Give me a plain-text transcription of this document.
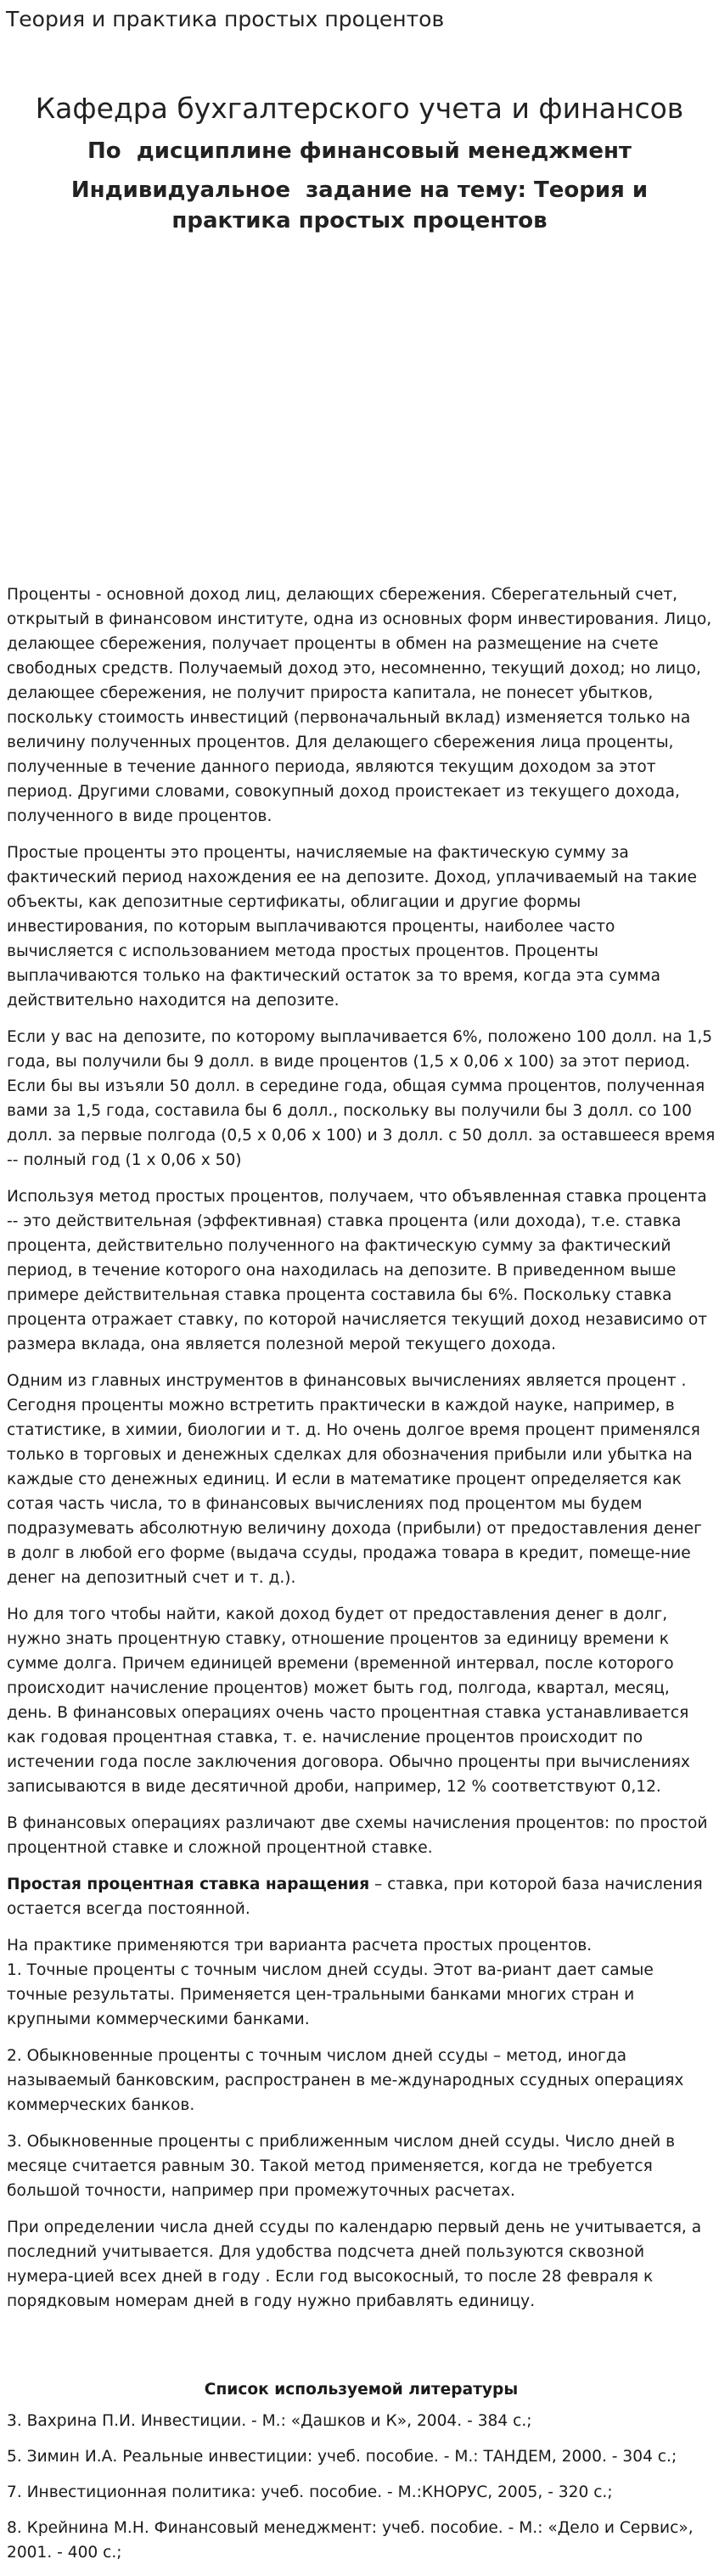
Теория и практика простых процентов
Кафедра бухгалтерского учета и финансов
По  дисциплине финансовый менеджмент
Индивидуальное  задание на тему: Теория и практика простых процентов

Проценты - основной доход лиц, делающих сбережения. Сберегательный счет, открытый в финансовом институте, одна из основных форм инвестирования. Лицо, делающее сбережения, получает проценты в обмен на размещение на счете свободных средств. Получаемый доход это, несомненно, текущий доход; но лицо, делающее сбережения, не получит прироста капитала, не понесет убытков, поскольку стоимость инвестиций (первоначальный вклад) изменяется только на величину полученных процентов. Для делающего сбережения лица проценты, полученные в течение данного периода, являются текущим доходом за этот период. Другими словами, совокупный доход проистекает из текущего дохода, полученного в виде процентов.

Простые проценты это проценты, начисляемые на фактическую сумму за фактический период нахождения ее на депозите. Доход, уплачиваемый на такие объекты, как депозитные сертификаты, облигации и другие формы инвестирования, по которым выплачиваются проценты, наиболее часто вычисляется с использованием метода простых процентов. Проценты выплачиваются только на фактический остаток за то время, когда эта сумма действительно находится на депозите.

Если у вас на депозите, по которому выплачивается 6%, положено 100 долл. на 1,5 года, вы получили бы 9 долл. в виде процентов (1,5 х 0,06 х 100) за этот период. Если бы вы изъяли 50 долл. в середине года, общая сумма процентов, полученная вами за 1,5 года, составила бы 6 долл., поскольку вы получили бы 3 долл. со 100 долл. за первые полгода (0,5 х 0,06 х 100) и 3 долл. с 50 долл. за оставшееся время -- полный год (1 х 0,06 х 50)

Используя метод простых процентов, получаем, что объявленная ставка процента -- это действительная (эффективная) ставка процента (или дохода), т.е. ставка процента, действительно полученного на фактическую сумму за фактический период, в течение которого она находилась на депозите. В приведенном выше примере действительная ставка процента составила бы 6%. Поскольку ставка процента отражает ставку, по которой начисляется текущий доход независимо от размера вклада, она является полезной мерой текущего дохода.

Одним из главных инструментов в финансовых вычислениях является процент . Сегодня проценты можно встретить практически в каждой науке, например, в статистике, в химии, биологии и т. д. Но очень долгое время процент применялся только в торговых и денежных сделках для обозначения прибыли или убытка на каждые сто денежных единиц. И если в математике процент определяется как сотая часть числа, то в финансовых вычислениях под процентом мы будем подразумевать абсолютную величину дохода (прибыли) от предоставления денег в долг в любой его форме (выдача ссуды, продажа товара в кредит, помеще-ние денег на депозитный счет и т. д.).

Но для того чтобы найти, какой доход будет от предоставления денег в долг, нужно знать процентную ставку, отношение процентов за единицу времени к сумме долга. Причем единицей времени (временной интервал, после которого происходит начисление процентов) может быть год, полгода, квартал, месяц, день. В финансовых операциях очень часто процентная ставка устанавливается как годовая процентная ставка, т. е. начисление процентов происходит по истечении года после заключения договора. Обычно проценты при вычислениях записываются в виде десятичной дроби, например, 12 % соответствуют 0,12.

В финансовых операциях различают две схемы начисления процентов: по простой процентной ставке и сложной процентной ставке.

Простая процентная ставка наращения – ставка, при которой база начисления остается всегда постоянной.

На практике применяются три варианта расчета простых процентов.

1. Точные проценты с точным числом дней ссуды. Этот ва-риант дает самые точные результаты. Применяется цен-тральными банками многих стран и крупными коммерческими банками.

2. Обыкновенные проценты с точным числом дней ссуды – метод, иногда называемый банковским, распространен в ме-ждународных ссудных операциях коммерческих банков.

3. Обыкновенные проценты с приближенным числом дней ссуды. Число дней в месяце считается равным 30. Такой метод применяется, когда не требуется большой точности, например при промежуточных расчетах.

При определении числа дней ссуды по календарю первый день не учитывается, а последний учитывается. Для удобства подсчета дней пользуются сквозной нумера-цией всех дней в году . Если год высокосный, то после 28 февраля к порядковым номерам дней в году нужно прибавлять единицу.

Список используемой литературы

3. Вахрина П.И. Инвестиции. - М.: «Дашков и К», 2004. - 384 с.;

5. Зимин И.А. Реальные инвестиции: учеб. пособие. - М.: ТАНДЕМ, 2000. - 304 с.;

7. Инвестиционная политика: учеб. пособие. - М.:КНОРУС, 2005, - 320 с.;

8. Крейнина М.Н. Финансовый менеджмент: учеб. пособие. - М.: «Дело и Сервис», 2001. - 400 с.;
